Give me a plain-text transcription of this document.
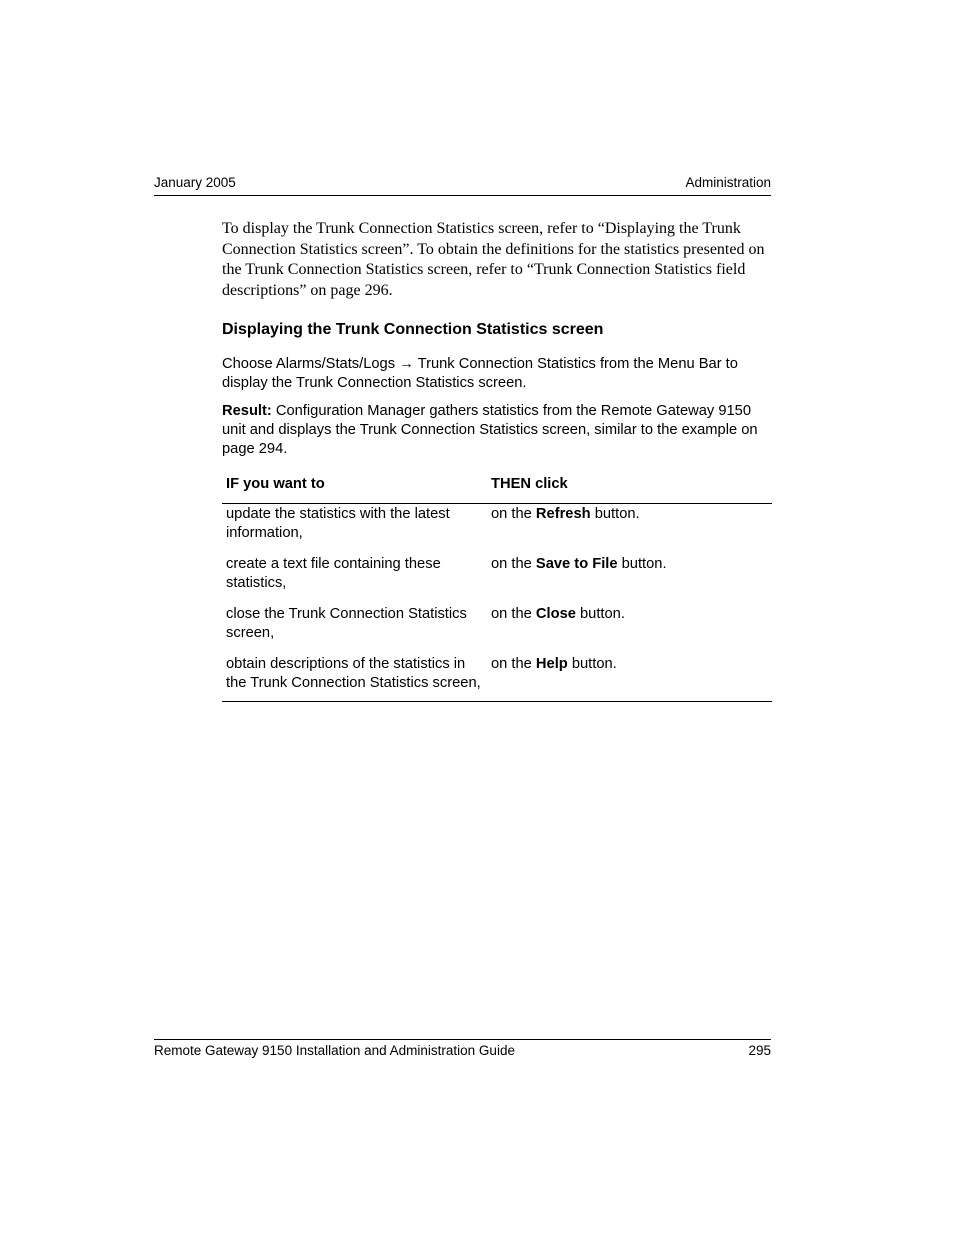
January 2005	Administration

To display the Trunk Connection Statistics screen, refer to “Displaying the Trunk Connection Statistics screen”. To obtain the definitions for the statistics presented on the Trunk Connection Statistics screen, refer to “Trunk Connection Statistics field descriptions” on page 296.

Displaying the Trunk Connection Statistics screen

Choose Alarms/Stats/Logs → Trunk Connection Statistics from the Menu Bar to display the Trunk Connection Statistics screen.

Result: Configuration Manager gathers statistics from the Remote Gateway 9150 unit and displays the Trunk Connection Statistics screen, similar to the example on page 294.

IF you want to	THEN click
update the statistics with the latest information,	on the Refresh button.
create a text file containing these statistics,	on the Save to File button.
close the Trunk Connection Statistics screen,	on the Close button.
obtain descriptions of the statistics in the Trunk Connection Statistics screen,	on the Help button.
Remote Gateway 9150 Installation and Administration Guide	295
